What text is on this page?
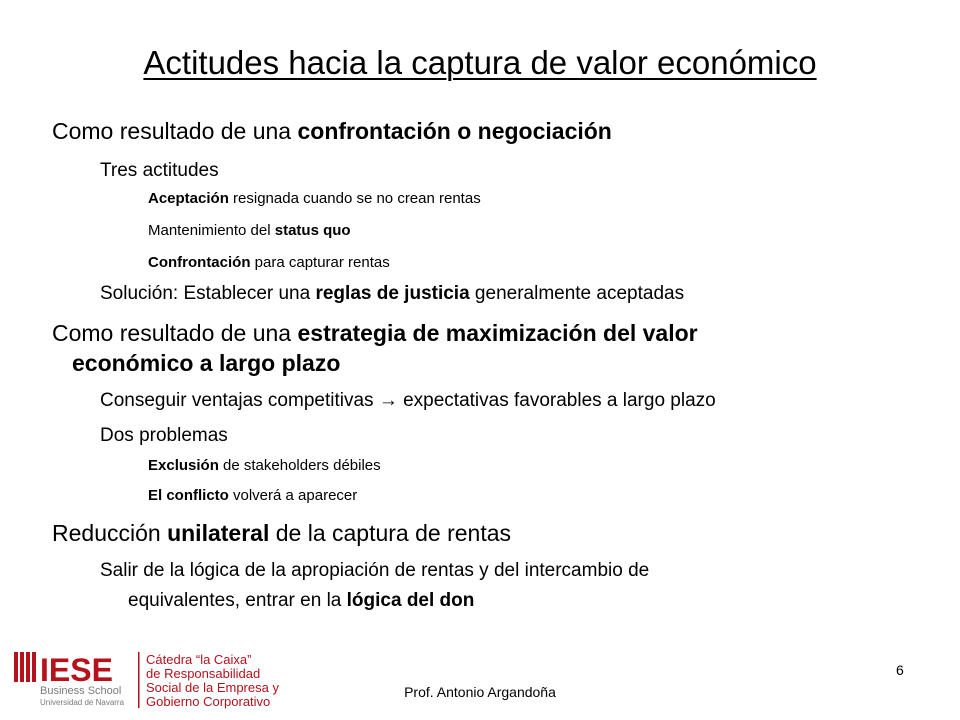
Actitudes hacia la captura de valor económico
Como resultado de una confrontación o negociación
Tres actitudes
Aceptación resignada cuando se no crean rentas
Mantenimiento del status quo
Confrontación para capturar rentas
Solución: Establecer una reglas de justicia generalmente aceptadas
Como resultado de una estrategia de maximización del valor
económico a largo plazo
Conseguir ventajas competitivas → expectativas favorables a largo plazo
Dos problemas
Exclusión de stakeholders débiles
El conflicto volverá a aparecer
Reducción unilateral de la captura de rentas
Salir de la lógica de la apropiación de rentas y del intercambio de
equivalentes, entrar en la lógica del don
IESE
Business School
Universidad de Navarra
Cátedra “la Caixa”
de Responsabilidad
Social de la Empresa y
Gobierno Corporativo
Prof. Antonio Argandoña
6
